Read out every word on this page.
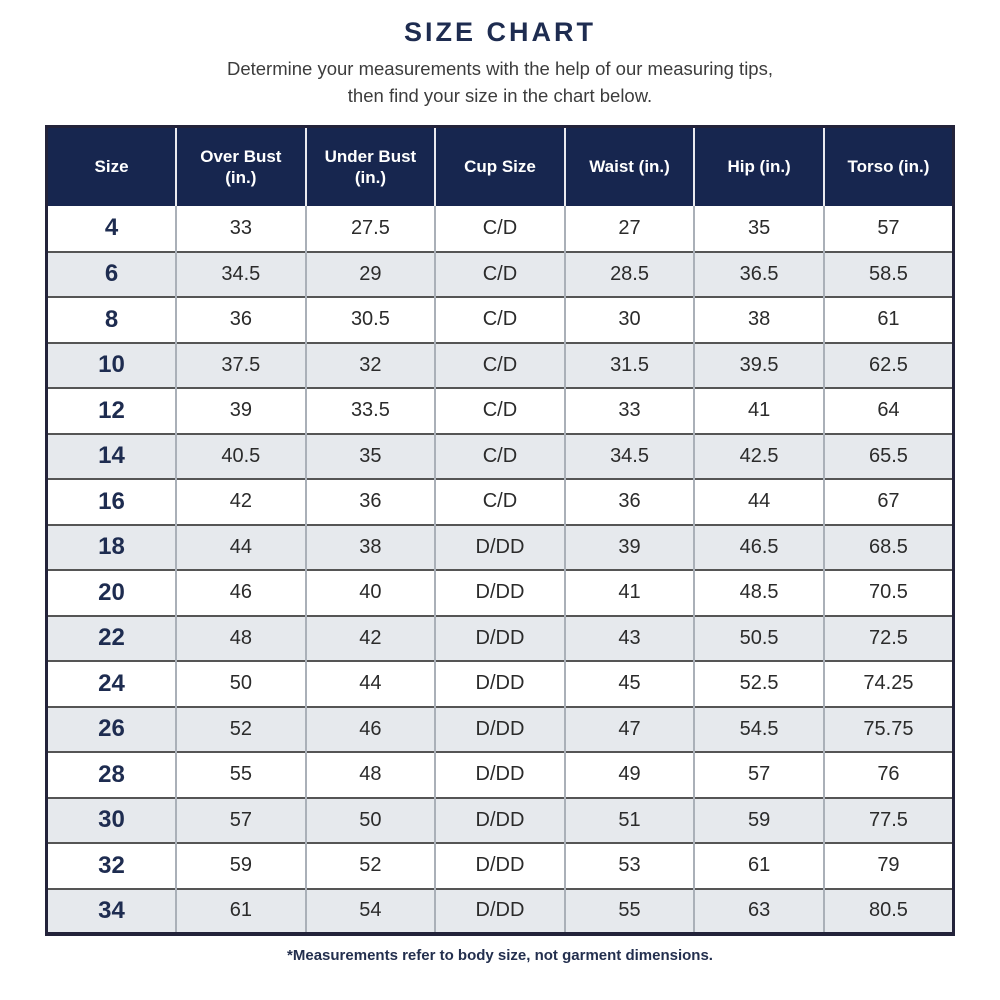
SIZE CHART
Determine your measurements with the help of our measuring tips,
then find your size in the chart below.
Size	Over Bust (in.)	Under Bust (in.)	Cup Size	Waist (in.)	Hip (in.)	Torso (in.)
4	33	27.5	C/D	27	35	57
6	34.5	29	C/D	28.5	36.5	58.5
8	36	30.5	C/D	30	38	61
10	37.5	32	C/D	31.5	39.5	62.5
12	39	33.5	C/D	33	41	64
14	40.5	35	C/D	34.5	42.5	65.5
16	42	36	C/D	36	44	67
18	44	38	D/DD	39	46.5	68.5
20	46	40	D/DD	41	48.5	70.5
22	48	42	D/DD	43	50.5	72.5
24	50	44	D/DD	45	52.5	74.25
26	52	46	D/DD	47	54.5	75.75
28	55	48	D/DD	49	57	76
30	57	50	D/DD	51	59	77.5
32	59	52	D/DD	53	61	79
34	61	54	D/DD	55	63	80.5
*Measurements refer to body size, not garment dimensions.
